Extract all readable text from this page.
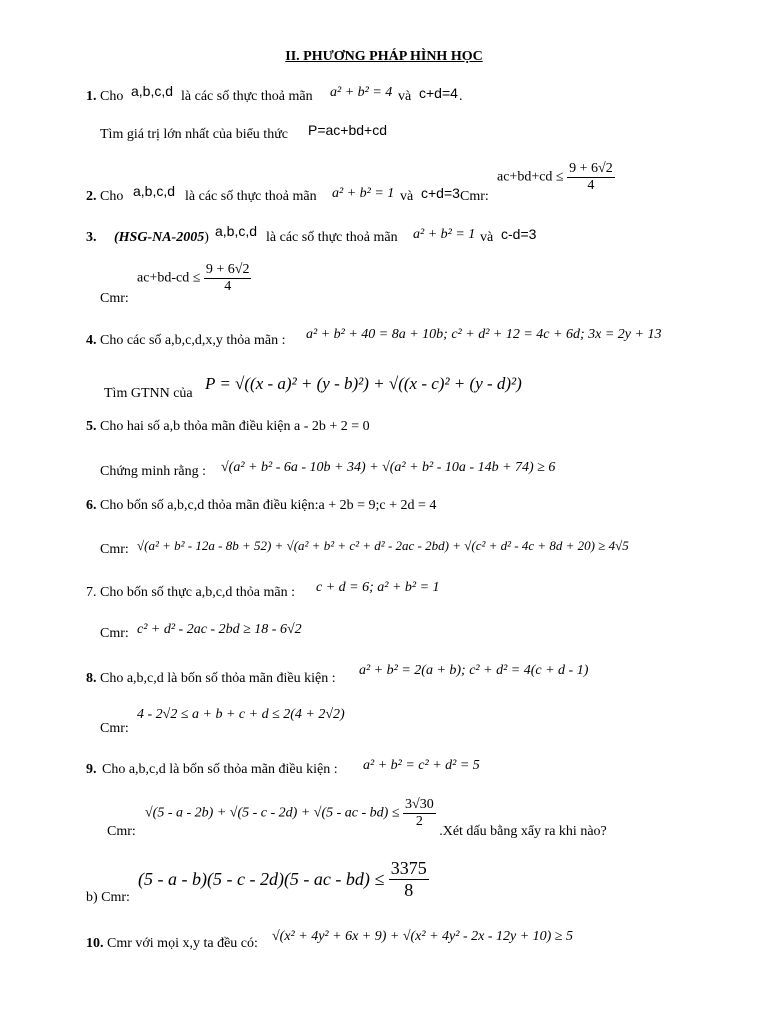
II. PHƯƠNG PHÁP HÌNH HỌC
1. Cho a,b,c,d là các số thực thoả mãn a² + b² = 4 và c+d=4 .
Tìm giá trị lớn nhất của biểu thức P=ac+bd+cd
2. Cho a,b,c,d là các số thực thoả mãn a² + b² = 1 và c+d=3 Cmr:
$ac+bd+cd \le \frac{9 + 6√2}{4}$
3. (HSG-NA-2005) a,b,c,d là các số thực thoả mãn a² + b² = 1 và c-d=3
$ac+bd-cd \le \frac{9 + 6√2}{4}$
Cmr:
4. Cho các số a,b,c,d,x,y thỏa mãn : a² + b² + 40 = 8a + 10b; c² + d² + 12 = 4c + 6d; 3x = 2y + 13
Tìm GTNN của
P = √((x - a)² + (y - b)²) + √((x - c)² + (y - d)²)
5. Cho hai số a,b thỏa mãn điều kiện a - 2b + 2 = 0
Chứng minh rằng : √(a² + b² - 6a - 10b + 34) + √(a² + b² - 10a - 14b + 74) ≥ 6
6. Cho bốn số a,b,c,d thỏa mãn điều kiện:a + 2b = 9;c + 2d = 4
Cmr: √(a² + b² - 12a - 8b + 52) + √(a² + b² + c² + d² - 2ac - 2bd) + √(c² + d² - 4c + 8d + 20) ≥ 4√5
7. Cho bốn số thực a,b,c,d thỏa mãn : c + d = 6; a² + b² = 1
Cmr: c² + d² - 2ac - 2bd ≥ 18 - 6√2
8. Cho a,b,c,d là bốn số thỏa mãn điều kiện :
a² + b² = 2(a + b); c² + d² = 4(c + d - 1)
4 - 2√2 ≤ a + b + c + d ≤ 2(4 + 2√2)
Cmr:
9. Cho a,b,c,d là bốn số thỏa mãn điều kiện : a² + b² = c² + d² = 5
Cmr:
√(5 - a - 2b) + √(5 - c - 2d) + √(5 - ac - $bd) \le \frac{3√30}{2}$
.Xét dấu bằng xẩy ra khi nào?
(5 - a - b)(5 - c - 2d)(5 - ac - $bd) \le \frac{3375}{8}$
b) Cmr:
10. Cmr với mọi x,y ta đều có: √(x² + 4y² + 6x + 9) + √(x² + 4y² - 2x - 12y + 10) ≥ 5
